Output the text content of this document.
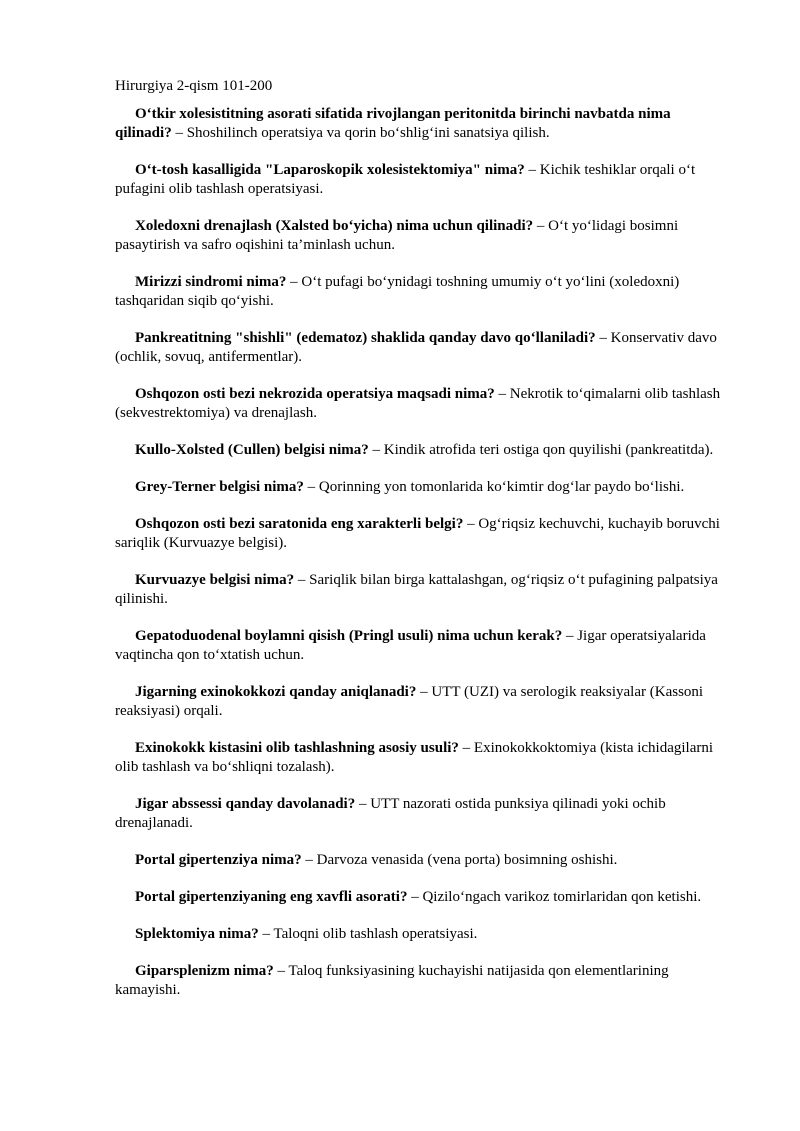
Hirurgiya 2-qism 101-200

O‘tkir xolesistitning asorati sifatida rivojlangan peritonitda birinchi navbatda nima qilinadi? – Shoshilinch operatsiya va qorin bo‘shlig‘ini sanatsiya qilish.

O‘t-tosh kasalligida "Laparoskopik xolesistektomiya" nima? – Kichik teshiklar orqali o‘t pufagini olib tashlash operatsiyasi.

Xoledoxni drenajlash (Xalsted bo‘yicha) nima uchun qilinadi? – O‘t yo‘lidagi bosimni pasaytirish va safro oqishini ta’minlash uchun.

Mirizzi sindromi nima? – O‘t pufagi bo‘ynidagi toshning umumiy o‘t yo‘lini (xoledoxni) tashqaridan siqib qo‘yishi.

Pankreatitning "shishli" (edematoz) shaklida qanday davo qo‘llaniladi? – Konservativ davo (ochlik, sovuq, antifermentlar).

Oshqozon osti bezi nekrozida operatsiya maqsadi nima? – Nekrotik to‘qimalarni olib tashlash (sekvestrektomiya) va drenajlash.

Kullo-Xolsted (Cullen) belgisi nima? – Kindik atrofida teri ostiga qon quyilishi (pankreatitda).

Grey-Terner belgisi nima? – Qorinning yon tomonlarida ko‘kimtir dog‘lar paydo bo‘lishi.

Oshqozon osti bezi saratonida eng xarakterli belgi? – Og‘riqsiz kechuvchi, kuchayib boruvchi sariqlik (Kurvuazye belgisi).

Kurvuazye belgisi nima? – Sariqlik bilan birga kattalashgan, og‘riqsiz o‘t pufagining palpatsiya qilinishi.

Gepatoduodenal boylamni qisish (Pringl usuli) nima uchun kerak? – Jigar operatsiyalarida vaqtincha qon to‘xtatish uchun.

Jigarning exinokokkozi qanday aniqlanadi? – UTT (UZI) va serologik reaksiyalar (Kassoni reaksiyasi) orqali.

Exinokokk kistasini olib tashlashning asosiy usuli? – Exinokokkoktomiya (kista ichidagilarni olib tashlash va bo‘shliqni tozalash).

Jigar abssessi qanday davolanadi? – UTT nazorati ostida punksiya qilinadi yoki ochib drenajlanadi.

Portal gipertenziya nima? – Darvoza venasida (vena porta) bosimning oshishi.

Portal gipertenziyaning eng xavfli asorati? – Qizilo‘ngach varikoz tomirlaridan qon ketishi.

Splektomiya nima? – Taloqni olib tashlash operatsiyasi.

Giparsplenizm nima? – Taloq funksiyasining kuchayishi natijasida qon elementlarining kamayishi.
